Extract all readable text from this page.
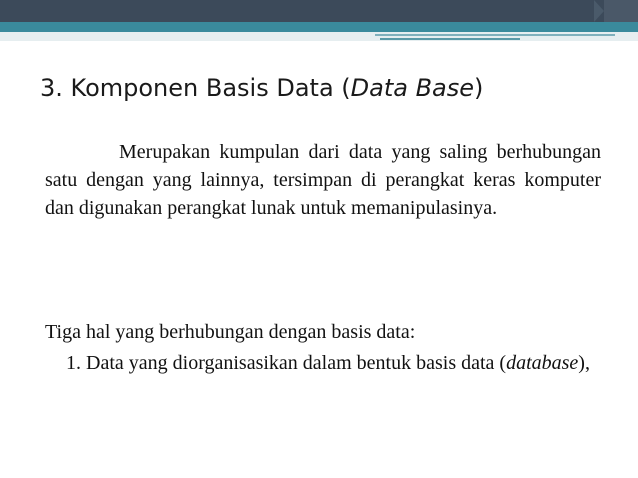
3. Komponen Basis Data (Data Base)

Merupakan kumpulan dari data yang saling berhubungan satu dengan yang lainnya, tersimpan di perangkat keras komputer dan digunakan perangkat lunak untuk memanipulasinya.

Tiga hal yang berhubungan dengan basis data:

1. Data yang diorganisasikan dalam bentuk basis data (database),
